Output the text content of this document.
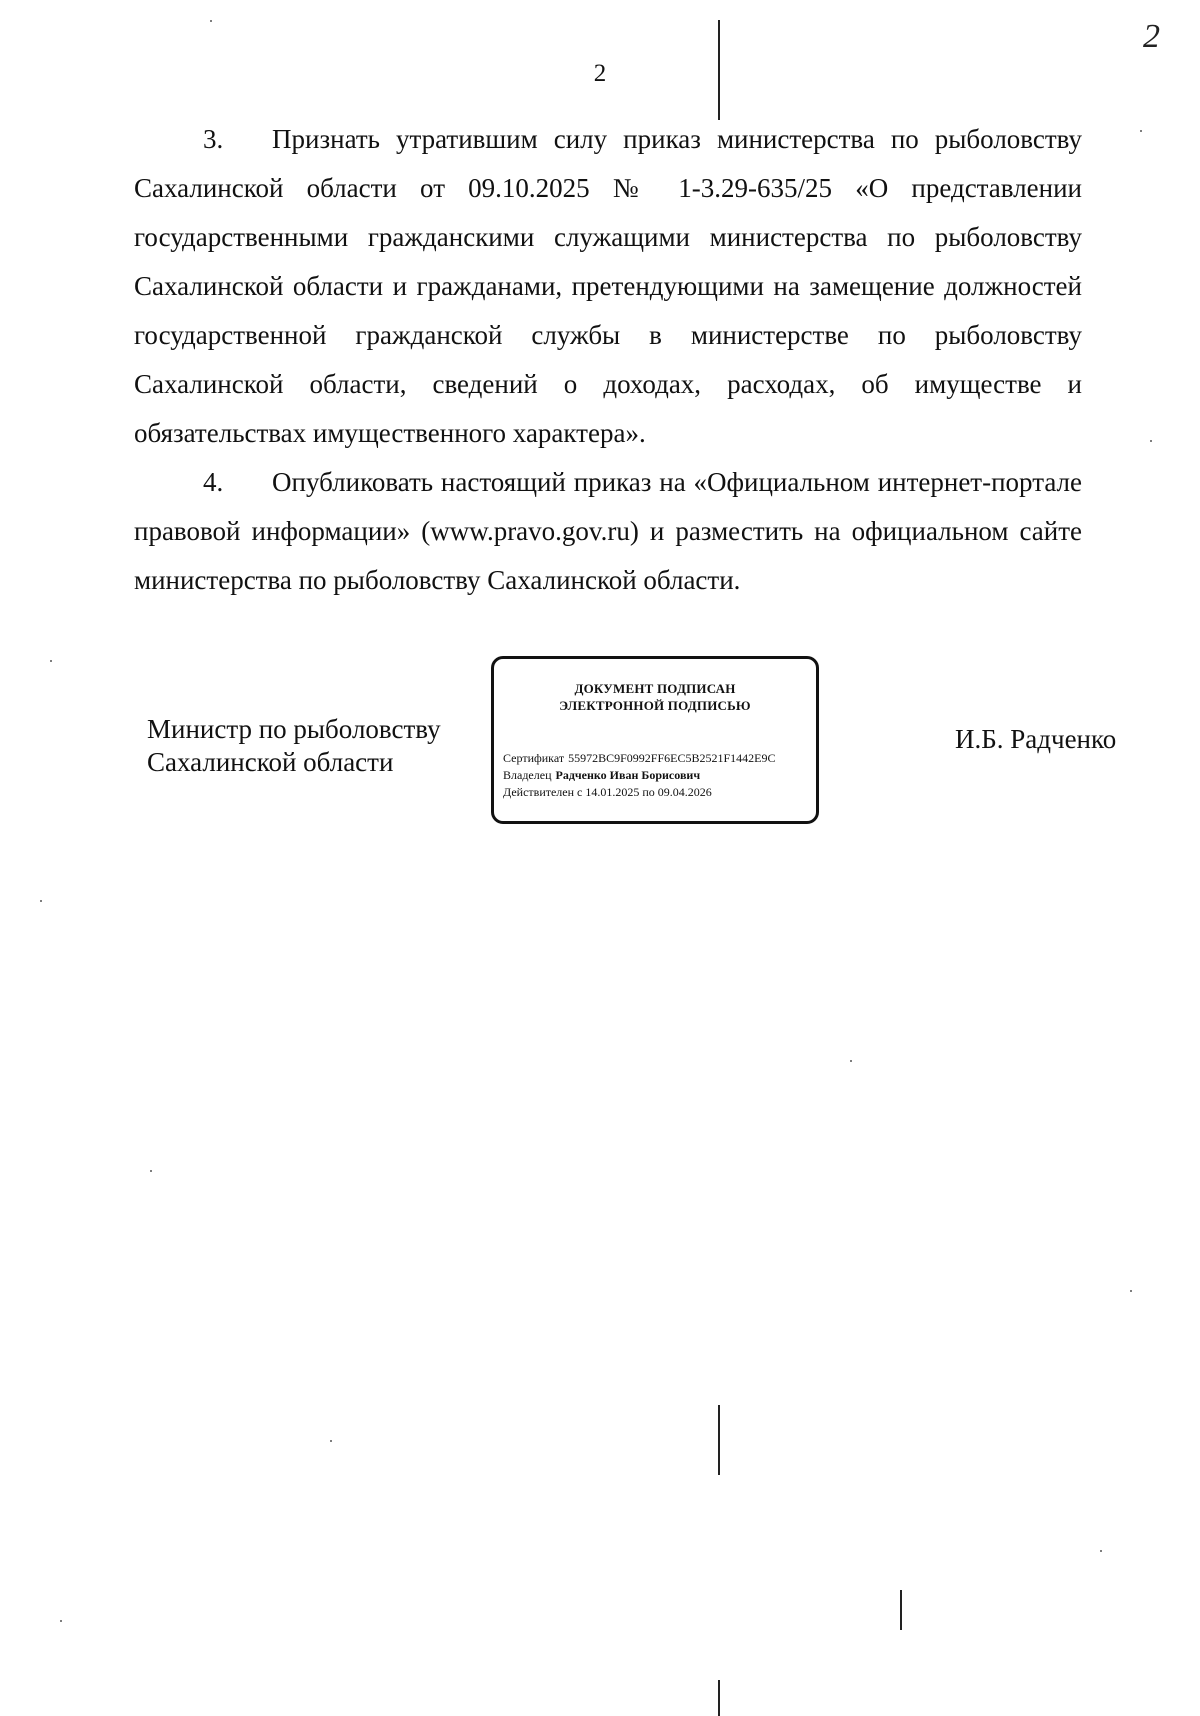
2
2

3. Признать утратившим силу приказ министерства по рыболовству Сахалинской области от 09.10.2025 № 1-3.29-635/25 «О представлении государственными гражданскими служащими министерства по рыболовству Сахалинской области и гражданами, претендующими на замещение должностей государственной гражданской службы в министерстве по рыболовству Сахалинской области, сведений о доходах, расходах, об имуществе и обязательствах имущественного характера».

4. Опубликовать настоящий приказ на «Официальном интернет-портале правовой информации» (www.pravo.gov.ru) и разместить на официальном сайте министерства по рыболовству Сахалинской области.

Министр по рыболовству
Сахалинской области
ДОКУМЕНТ ПОДПИСАН
ЭЛЕКТРОННОЙ ПОДПИСЬЮ
Сертификат 55972BC9F0992FF6EC5B2521F1442E9C
Владелец Радченко Иван Борисович
Действителен с 14.01.2025 по 09.04.2026
И.Б. Радченко
